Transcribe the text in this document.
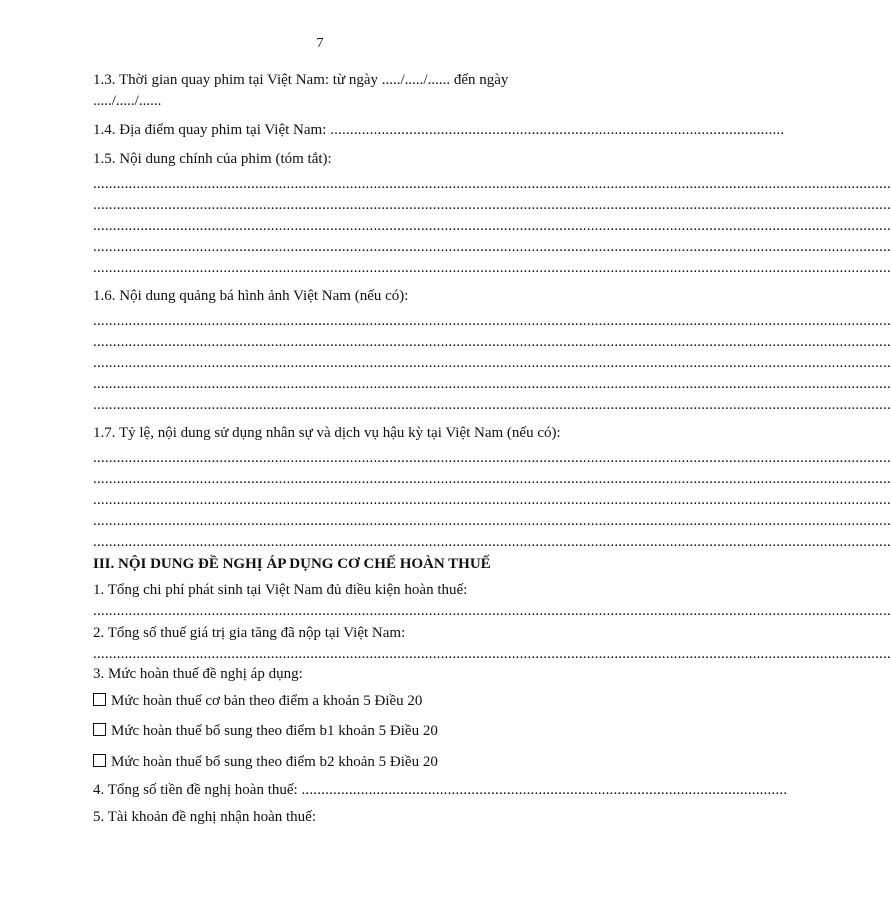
7
1.3. Thời gian quay phim tại Việt Nam: từ ngày ...../...../...... đến ngày
...../...../......
1.4. Địa điểm quay phim tại Việt Nam: ...................................................................................................................
1.5. Nội dung chính của phim (tóm tắt):
..........................................................................................................................................................................................................
..........................................................................................................................................................................................................
..........................................................................................................................................................................................................
..........................................................................................................................................................................................................
..........................................................................................................................................................................................................
1.6. Nội dung quảng bá hình ảnh Việt Nam (nếu có):
..........................................................................................................................................................................................................
..........................................................................................................................................................................................................
..........................................................................................................................................................................................................
..........................................................................................................................................................................................................
..........................................................................................................................................................................................................
1.7. Tỷ lệ, nội dung sử dụng nhân sự và dịch vụ hậu kỳ tại Việt Nam (nếu có):
..........................................................................................................................................................................................................
..........................................................................................................................................................................................................
..........................................................................................................................................................................................................
..........................................................................................................................................................................................................
..........................................................................................................................................................................................................
III. NỘI DUNG ĐỀ NGHỊ ÁP DỤNG CƠ CHẾ HOÀN THUẾ
1. Tổng chi phí phát sinh tại Việt Nam đủ điều kiện hoàn thuế:
..........................................................................................................................................................................................................
2. Tổng số thuế giá trị gia tăng đã nộp tại Việt Nam:
..........................................................................................................................................................................................................
3. Mức hoàn thuế đề nghị áp dụng:
Mức hoàn thuế cơ bản theo điểm a khoản 5 Điều 20
Mức hoàn thuế bổ sung theo điểm b1 khoản 5 Điều 20
Mức hoàn thuế bổ sung theo điểm b2 khoản 5 Điều 20
4. Tổng số tiền đề nghị hoàn thuế: ...........................................................................................................................
5. Tài khoản đề nghị nhận hoàn thuế:
